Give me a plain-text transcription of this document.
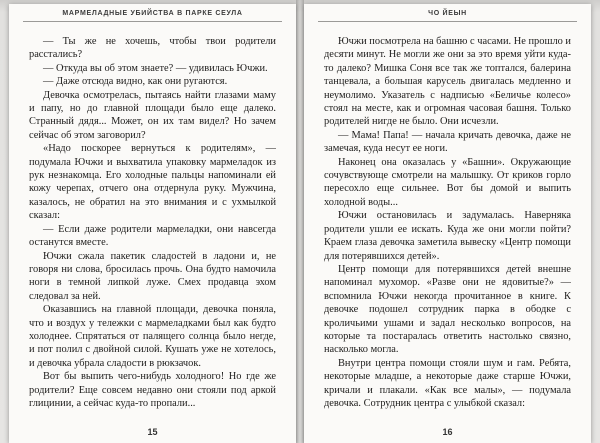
МАРМЕЛАДНЫЕ УБИЙСТВА В ПАРКЕ СЕУЛА

— Ты же не хочешь, чтобы твои родители расстались?

— Откуда вы об этом знаете? — удивилась Ючжи.

— Даже отсюда видно, как они ругаются.

Девочка осмотрелась, пытаясь найти глазами маму и папу, но до главной площади было еще далеко. Странный дядя... Может, он их там видел? Но зачем сейчас об этом заговорил?

«Надо поскорее вернуться к родителям», — подумала Ючжи и выхватила упаковку мармеладок из рук незнакомца. Его холодные пальцы напоминали ей кожу черепах, отчего она отдернула руку. Мужчина, казалось, не обратил на это внимания и с ухмылкой сказал:

— Если даже родители мармеладки, они навсегда останутся вместе.

Ючжи сжала пакетик сладостей в ладони и, не говоря ни слова, бросилась прочь. Она будто намочила ноги в темной липкой луже. Смех продавца эхом следовал за ней.

Оказавшись на главной площади, девочка поняла, что и воздух у тележки с мармеладками был как будто холоднее. Спрятаться от палящего солнца было негде, и пот полил с двойной силой. Кушать уже не хотелось, и девочка убрала сладости в рюкзачок.

Вот бы выпить чего-нибудь холодного! Но где же родители? Еще совсем недавно они стояли под аркой глицинии, а сейчас куда-то пропали...

15
ЧО ЙЕЫН

Ючжи посмотрела на башню с часами. Не прошло и десяти минут. Не могли же они за это время уйти куда-то далеко? Мишка Соня все так же топтался, балерина танцевала, а большая карусель двигалась медленно и неумолимо. Указатель с надписью «Беличье колесо» стоял на месте, как и огромная часовая башня. Только родителей нигде не было. Они исчезли.

— Мама! Папа! — начала кричать девочка, даже не замечая, куда несут ее ноги.

Наконец она оказалась у «Башни». Окружающие сочувствующе смотрели на малышку. От криков горло пересохло еще сильнее. Вот бы домой и выпить холодной воды...

Ючжи остановилась и задумалась. Наверняка родители ушли ее искать. Куда же они могли пойти? Краем глаза девочка заметила вывеску «Центр помощи для потерявшихся детей».

Центр помощи для потерявшихся детей внешне напоминал мухомор. «Разве они не ядовитые?» — вспомнила Ючжи некогда прочитанное в книге. К девочке подошел сотрудник парка в ободке с кроличьими ушами и задал несколько вопросов, на которые та постаралась ответить настолько связно, насколько могла.

Внутри центра помощи стояли шум и гам. Ребята, некоторые младше, а некоторые даже старше Ючжи, кричали и плакали. «Как все малы», — подумала девочка. Сотрудник центра с улыбкой сказал:

16
